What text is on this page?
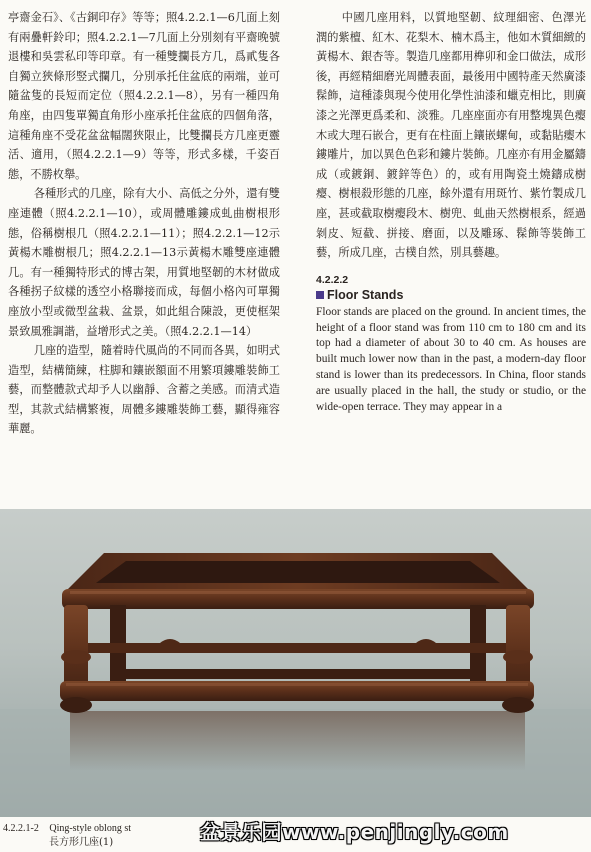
亭齋金石》、《古銅印存》等等；照4.2.2.1—6几面上刻有兩疊軒鈴印；照4.2.2.1—7几面上分別刻有平齋晚號退樓和吳雲私印等印章。有一種雙攔長方几，爲貳隻各自獨立狹條形竪式攔几，分別承托住盆底的兩端，並可隨盆隻的長短而定位（照4.2.2.1—8），另有一種四角角座，由四隻單獨直角形小座承托住盆底的四個角落，這種角座不受花盆盆幅闊狹限止，比雙攔長方几座更靈活、適用，（照4.2.2.1—9）等等，形式多樣，千姿百態，不勝枚舉。

各種形式的几座，除有大小、高低之分外，還有雙座連體（照4.2.2.1—10），或周體雕鏤成虬曲樹根形態，俗稱樹根几（照4.2.2.1—11）；照4.2.2.1—12示黃楊木雕樹根几；照4.2.2.1—13示黃楊木雕雙座連體几。有一種獨特形式的博古架，用質地堅韌的木材做成各種拐子紋樣的透空小格聯接而成，每個小格內可單獨座放小型或微型盆栽、盆景，如此組合陳設，更使框架景致風雅調諧，益增形式之美。（照4.2.2.1—14）

几座的造型，隨着時代風尚的不同而各異，如明式造型，結構簡練，柱脚和鑲嵌額面不用繁項鏤雕裝飾工藝，而整體款式却予人以幽靜、含蓄之美感。而清式造型，其款式結構繁複，周體多鏤雕裝飾工藝，顯得雍容華麗。

中國几座用料，以質地堅韌、紋理細密、色澤光潤的紫檀、紅木、花梨木、楠木爲主，他如木質細緻的黃楊木、銀杏等。製造几座都用榫卯和金口做法，成形後，再經精細磨光周體表面，最後用中國特產天然廣漆髹飾，這種漆與現今使用化學性油漆和蠟克相比，則廣漆之光澤更爲柔和、淡雅。几座座面亦有用整塊異色瘿木或大理石嵌合，更有在柱面上鑲嵌螺甸，或黏貼瘿木鏤雕片，加以異色色彩和鏤片裝飾。几座亦有用金屬鑄成（或鍍銅、鍍鋅等色）的，或有用陶瓷土燒鑄成樹瘿、樹根殺形態的几座，餘外還有用斑竹、紫竹製成几座，甚或截取樹瘿段木、樹兜、虬曲天然樹根系，經過剝皮、短截、拼接、磨面，以及雕琢、髹飾等裝飾工藝，所成几座，古樸自然，別具藝趣。

4.2.2.2
Floor Stands

Floor stands are placed on the ground. In ancient times, the height of a floor stand was from 110 cm to 180 cm and its top had a diameter of about 30 to 40 cm. As houses are built much lower now than in the past, a modern-day floor stand is lower than its predecessors. In China, floor stands are usually placed in the hall, the study or studio, or the wide-open terrace. They may appear in a

4.2.2.1-2 Qing-style oblong st
長方形几座(1)	盆景乐园www.penjingly.com
